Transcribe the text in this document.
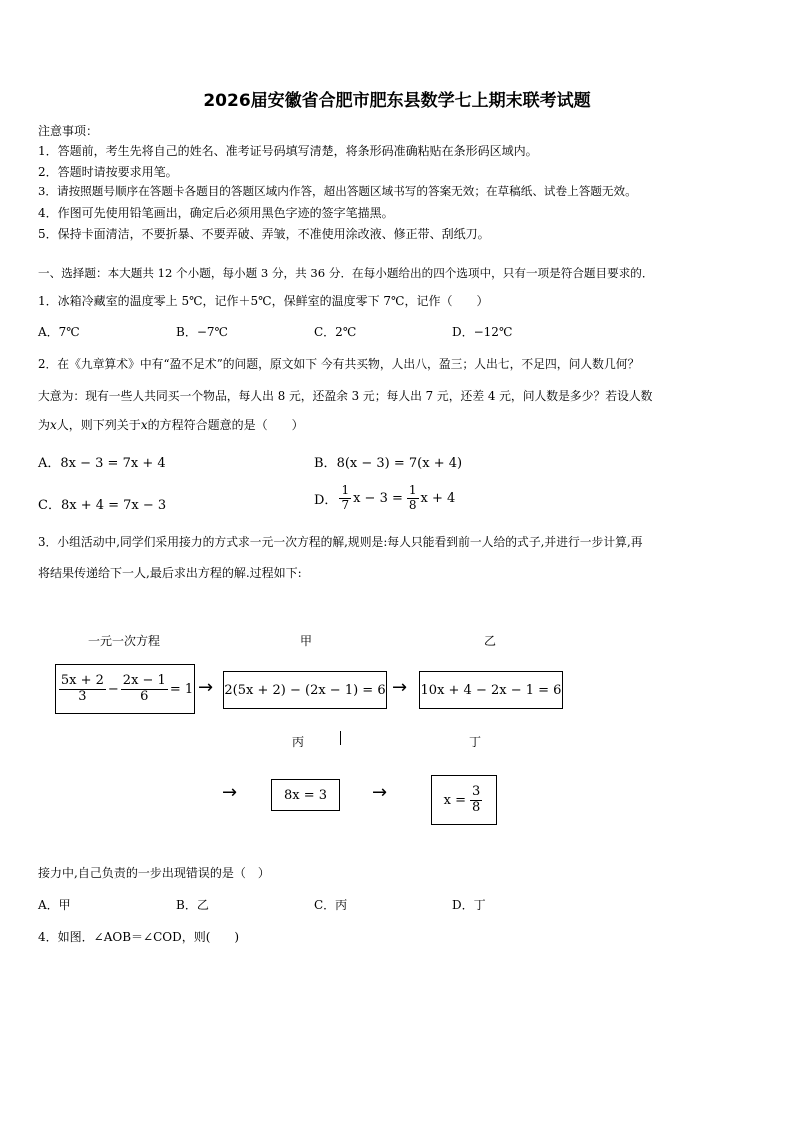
2026届安徽省合肥市肥东县数学七上期末联考试题
注意事项：
1．答题前，考生先将自己的姓名、准考证号码填写清楚，将条形码准确粘贴在条形码区域内。
2．答题时请按要求用笔。
3．请按照题号顺序在答题卡各题目的答题区域内作答，超出答题区域书写的答案无效；在草稿纸、试卷上答题无效。
4．作图可先使用铅笔画出，确定后必须用黑色字迹的签字笔描黑。
5．保持卡面清洁，不要折暴、不要弄破、弄皱，不准使用涂改液、修正带、刮纸刀。
一、选择题：本大题共 12 个小题，每小题 3 分，共 36 分．在每小题给出的四个选项中，只有一项是符合题目要求的．
1．冰箱冷藏室的温度零上 5℃，记作＋5℃，保鲜室的温度零下 7℃，记作（　　）
A．7℃	B．−7℃	C．2℃	D．−12℃
2．在《九章算术》中有“盈不足术”的问题，原文如下 今有共买物，人出八，盈三；人出七，不足四，问人数几何？
大意为：现有一些人共同买一个物品，每人出 8 元，还盈余 3 元；每人出 7 元，还差 4 元，问人数是多少？若设人数
为x人，则下列关于x的方程符合题意的是（　　）
A．8x − 3 = 7x + 4	B．8(x − 3) = 7(x + 4)
C．8x + 4 = 7x − 3	D． $\frac{1}{7}$ $x - 3 = \frac{1}{8}$ x + 4
3．小组活动中,同学们采用接力的方式求一元一次方程的解,规则是:每人只能看到前一人给的式子,并进行一步计算,再
将结果传递给下一人,最后求出方程的解.过程如下:
一元一次方程	甲	乙
$\frac{5x + 2}{3} - \frac{2x - 1}{6} = 1 \to 2(5x + 2) - (2x - 1) = 6 \to 10x + 4 - 2x - 1 = 6$
丙	丁
→	8x = 3	→	$x = \frac{3}{8}$
接力中,自己负责的一步出现错误的是（　）
A．甲	B．乙	C．丙	D．丁
4．如图．∠AOB＝∠COD，则(　　)
